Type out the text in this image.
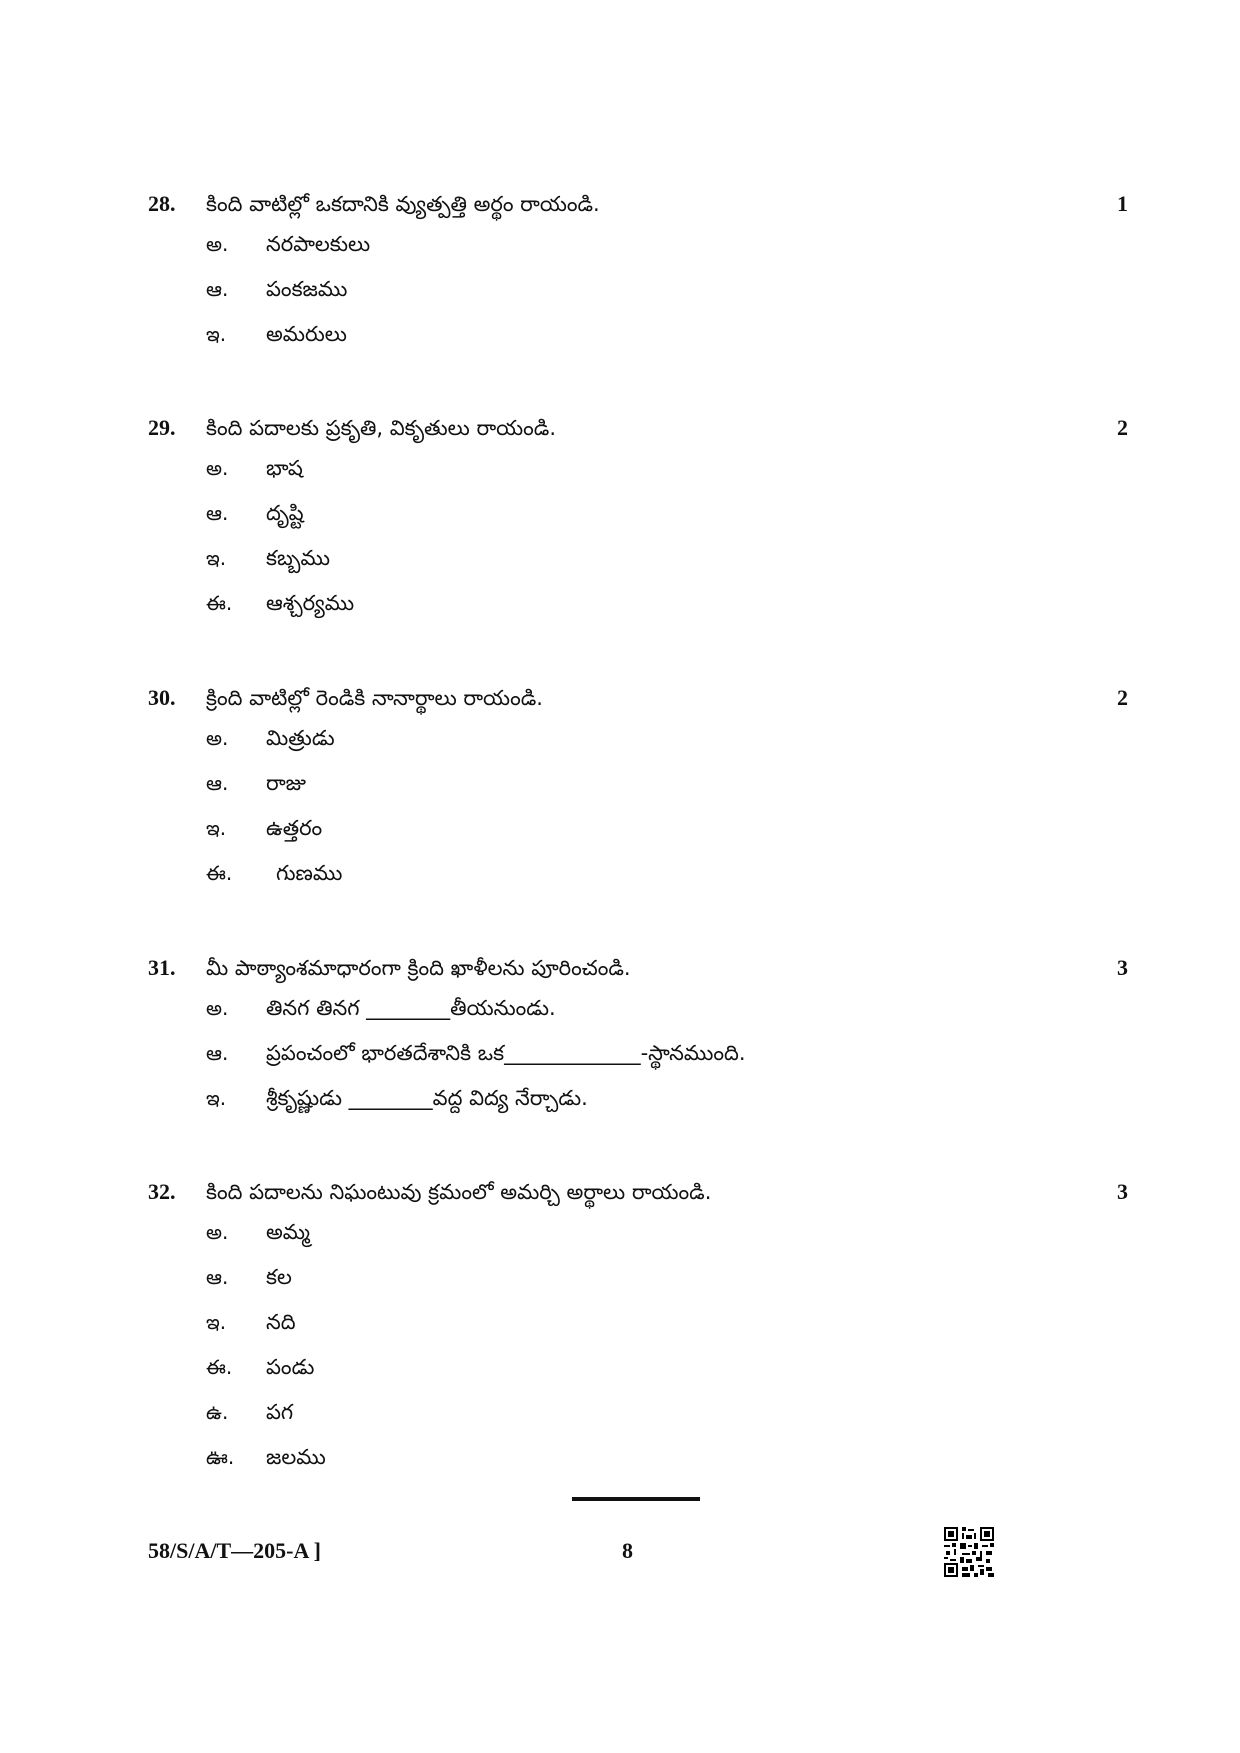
28. కింది వాటిల్లో ఒకదానికి వ్యుత్పత్తి అర్థం రాయండి.	1
అ. నరపాలకులు
ఆ. పంకజము
ఇ. అమరులు
29. కింది పదాలకు ప్రకృతి, వికృతులు రాయండి.	2
అ. భాష
ఆ. దృష్టి
ఇ. కబ్బము
ఈ. ఆశ్చర్యము
30. క్రింది వాటిల్లో రెండికి నానార్థాలు రాయండి.	2
అ. మిత్రుడు
ఆ. రాజు
ఇ. ఉత్తరం
ఈ. గుణము
31. మీ పాఠ్యాంశమాధారంగా క్రింది ఖాళీలను పూరించండి.	3
అ. తినగ తినగ ________తీయనుండు.
ఆ. ప్రపంచంలో భారతదేశానికి ఒక_____________-స్థానముంది.
ఇ. శ్రీకృష్ణుడు ________వద్ద విద్య నేర్చాడు.
32. కింది పదాలను నిఘంటువు క్రమంలో అమర్చి అర్థాలు రాయండి.	3
అ. అమ్మ
ఆ. కల
ఇ. నది
ఈ. పండు
ఉ. పగ
ఊ. జలము
58/S/A/T—205-A ]	8
